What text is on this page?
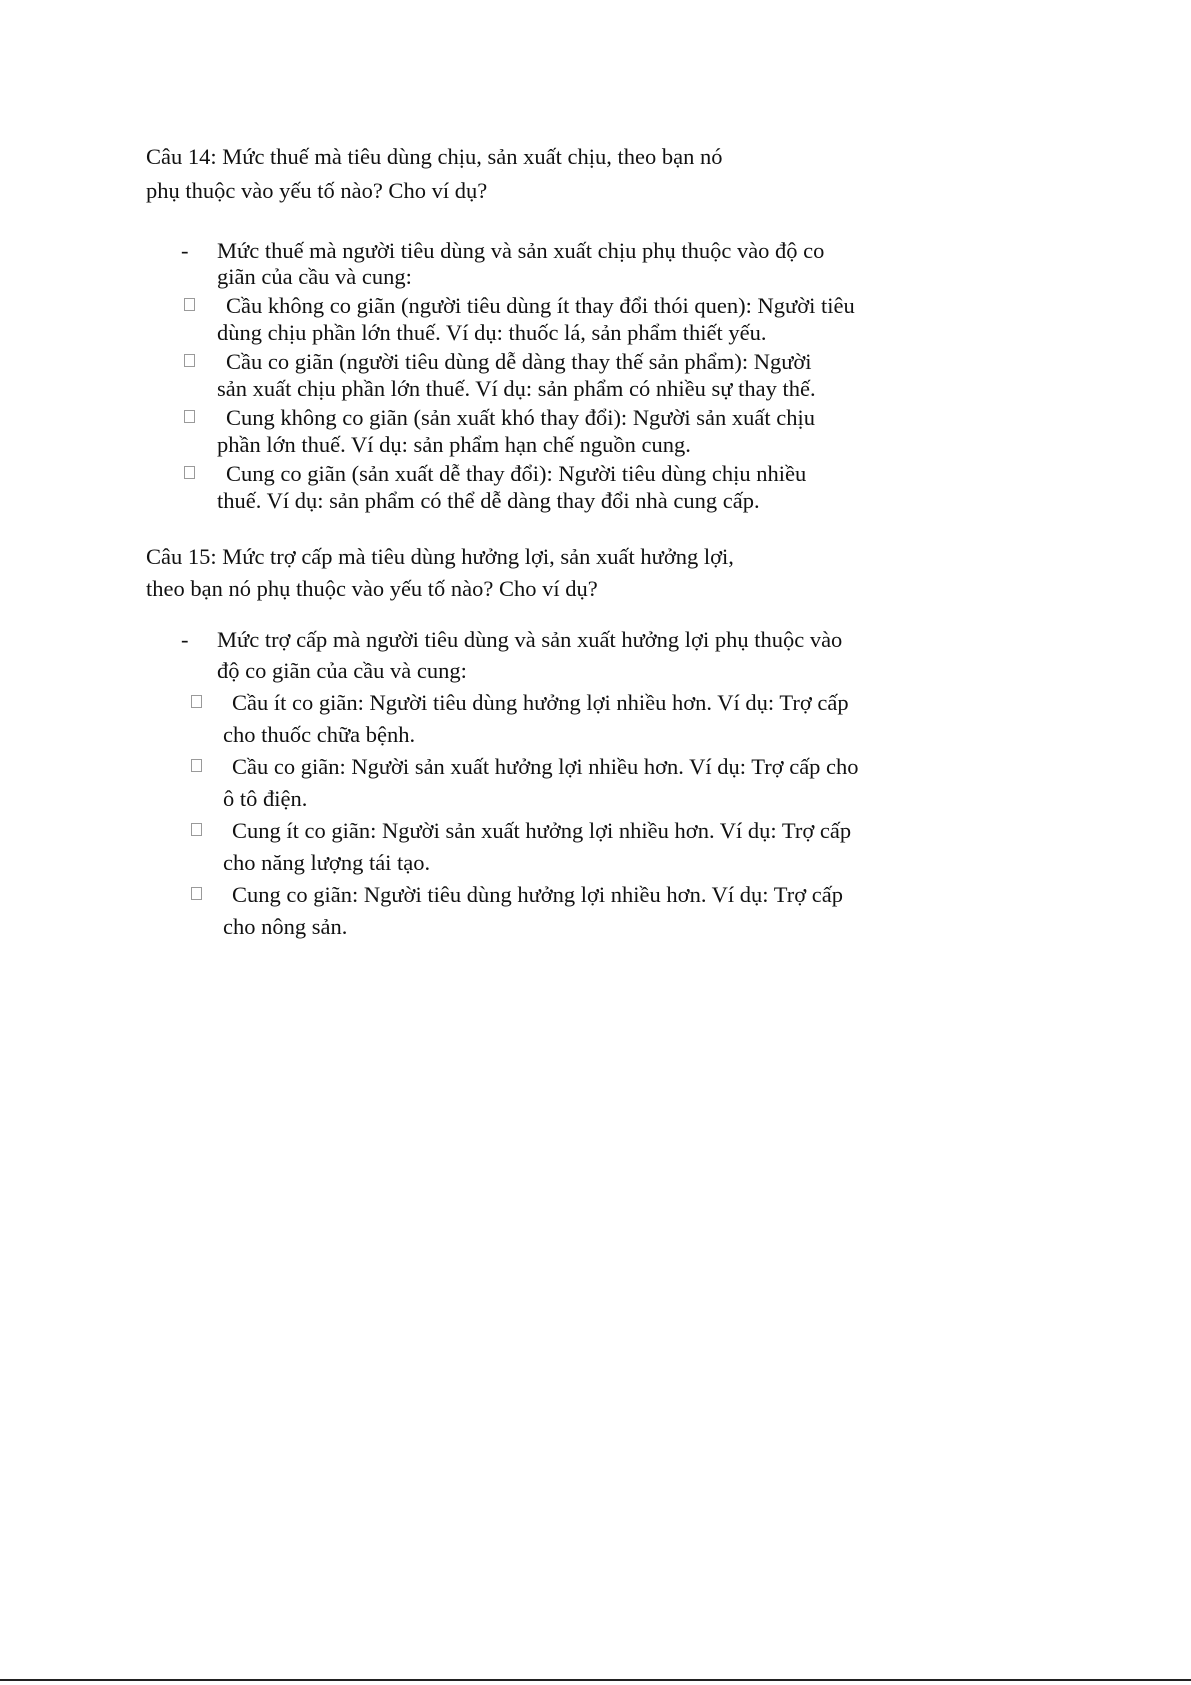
Câu 14: Mức thuế mà tiêu dùng chịu, sản xuất chịu, theo bạn nó
phụ thuộc vào yếu tố nào? Cho ví dụ?
- Mức thuế mà người tiêu dùng và sản xuất chịu phụ thuộc vào độ co
giãn của cầu và cung:
Cầu không co giãn (người tiêu dùng ít thay đổi thói quen): Người tiêu
dùng chịu phần lớn thuế. Ví dụ: thuốc lá, sản phẩm thiết yếu.
Cầu co giãn (người tiêu dùng dễ dàng thay thế sản phẩm): Người
sản xuất chịu phần lớn thuế. Ví dụ: sản phẩm có nhiều sự thay thế.
Cung không co giãn (sản xuất khó thay đổi): Người sản xuất chịu
phần lớn thuế. Ví dụ: sản phẩm hạn chế nguồn cung.
Cung co giãn (sản xuất dễ thay đổi): Người tiêu dùng chịu nhiều
thuế. Ví dụ: sản phẩm có thể dễ dàng thay đổi nhà cung cấp.
Câu 15: Mức trợ cấp mà tiêu dùng hưởng lợi, sản xuất hưởng lợi,
theo bạn nó phụ thuộc vào yếu tố nào? Cho ví dụ?
- Mức trợ cấp mà người tiêu dùng và sản xuất hưởng lợi phụ thuộc vào
độ co giãn của cầu và cung:
Cầu ít co giãn: Người tiêu dùng hưởng lợi nhiều hơn. Ví dụ: Trợ cấp
cho thuốc chữa bệnh.
Cầu co giãn: Người sản xuất hưởng lợi nhiều hơn. Ví dụ: Trợ cấp cho
ô tô điện.
Cung ít co giãn: Người sản xuất hưởng lợi nhiều hơn. Ví dụ: Trợ cấp
cho năng lượng tái tạo.
Cung co giãn: Người tiêu dùng hưởng lợi nhiều hơn. Ví dụ: Trợ cấp
cho nông sản.
